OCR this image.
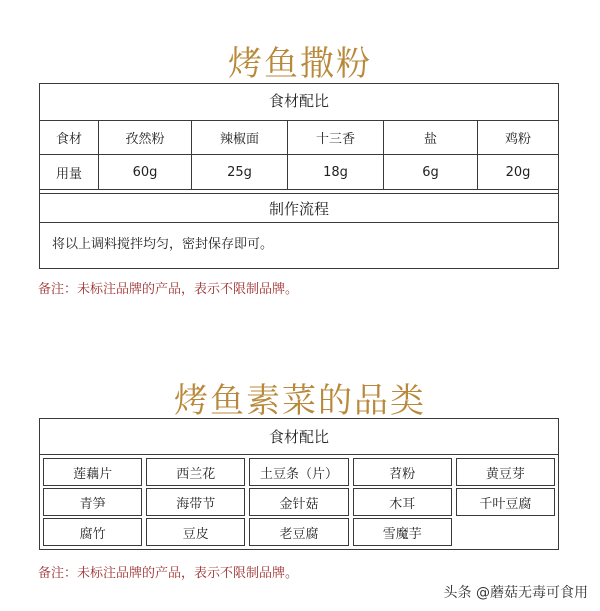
烤鱼撒粉
食材配比
食材	孜然粉	辣椒面	十三香	盐	鸡粉
用量	60g	25g	18g	6g	20g
制作流程
将以上调料搅拌均匀，密封保存即可。
备注：未标注品牌的产品，表示不限制品牌。
烤鱼素菜的品类
食材配比
莲藕片	西兰花	土豆条（片）	苕粉	黄豆芽
青笋	海带节	金针菇	木耳	千叶豆腐
腐竹	豆皮	老豆腐	雪魔芋
备注：未标注品牌的产品，表示不限制品牌。
头条 @蘑菇无毒可食用
